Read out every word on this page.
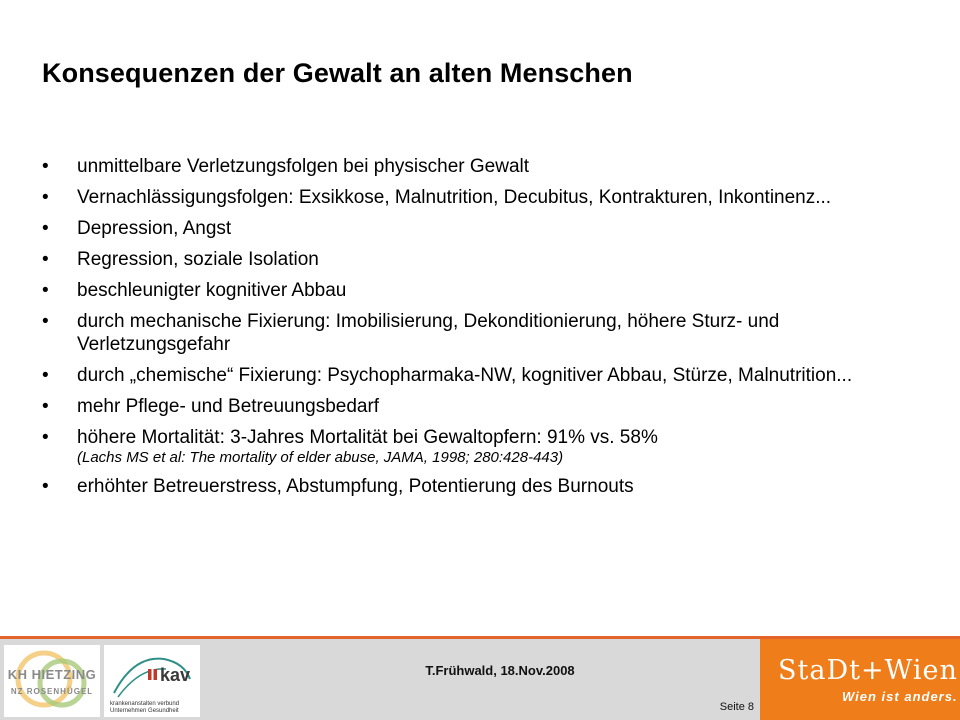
Konsequenzen der Gewalt an alten Menschen
• unmittelbare Verletzungsfolgen bei physischer Gewalt
• Vernachlässigungsfolgen: Exsikkose, Malnutrition, Decubitus, Kontrakturen, Inkontinenz...
• Depression, Angst
• Regression, soziale Isolation
• beschleunigter kognitiver Abbau
• durch mechanische Fixierung: Imobilisierung, Dekonditionierung, höhere Sturz- und Verletzungsgefahr
• durch „chemische“ Fixierung: Psychopharmaka-NW, kognitiver Abbau, Stürze, Malnutrition...
• mehr Pflege- und Betreuungsbedarf
• höhere Mortalität: 3-Jahres Mortalität bei Gewaltopfern: 91% vs. 58%
(Lachs MS et al: The mortality of elder abuse, JAMA, 1998; 280:428-443)
• erhöhter Betreuerstress, Abstumpfung, Potentierung des Burnouts
KH HIETZING
NZ ROSENHÜGEL
kav
krankenanstalten verbund
Unternehmen Gesundheit
T.Frühwald, 18.Nov.2008
Seite 8
StaDt+Wien
Wien ist anders.
